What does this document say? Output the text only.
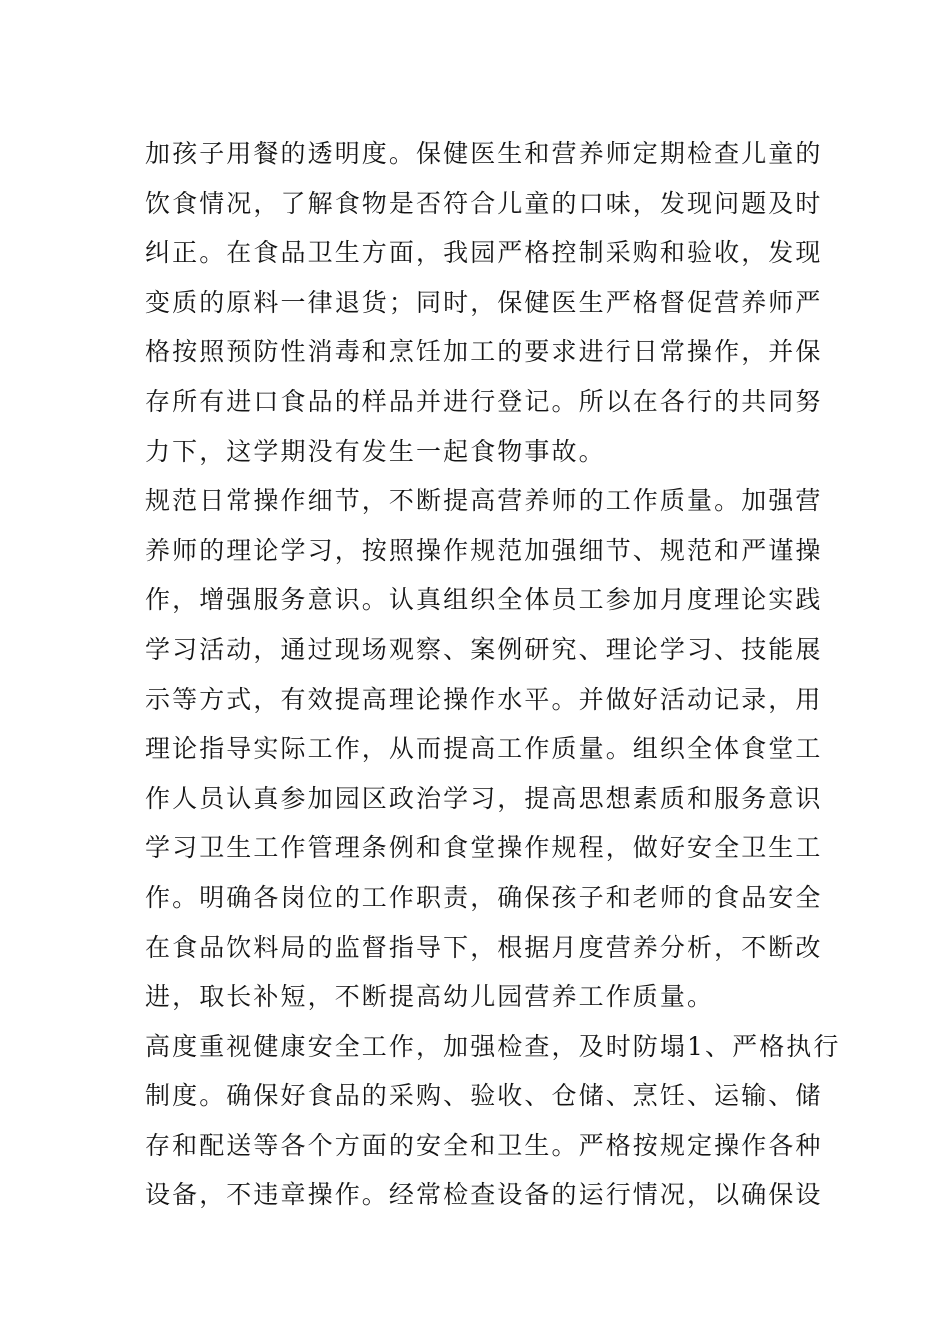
加孩子用餐的透明度。保健医生和营养师定期检查儿童的
饮食情况，了解食物是否符合儿童的口味，发现问题及时
纠正。在食品卫生方面，我园严格控制采购和验收，发现
变质的原料一律退货；同时，保健医生严格督促营养师严
格按照预防性消毒和烹饪加工的要求进行日常操作，并保
存所有进口食品的样品并进行登记。所以在各行的共同努
力下，这学期没有发生一起食物事故。
规范日常操作细节，不断提高营养师的工作质量。加强营
养师的理论学习，按照操作规范加强细节、规范和严谨操
作，增强服务意识。认真组织全体员工参加月度理论实践
学习活动，通过现场观察、案例研究、理论学习、技能展
示等方式，有效提高理论操作水平。并做好活动记录，用
理论指导实际工作，从而提高工作质量。组织全体食堂工
作人员认真参加园区政治学习，提高思想素质和服务意识
学习卫生工作管理条例和食堂操作规程，做好安全卫生工
作。明确各岗位的工作职责，确保孩子和老师的食品安全
在食品饮料局的监督指导下，根据月度营养分析，不断改
进，取长补短，不断提高幼儿园营养工作质量。
高度重视健康安全工作，加强检查，及时防塌1、严格执行
制度。确保好食品的采购、验收、仓储、烹饪、运输、储
存和配送等各个方面的安全和卫生。严格按规定操作各种
设备，不违章操作。经常检查设备的运行情况，以确保设
